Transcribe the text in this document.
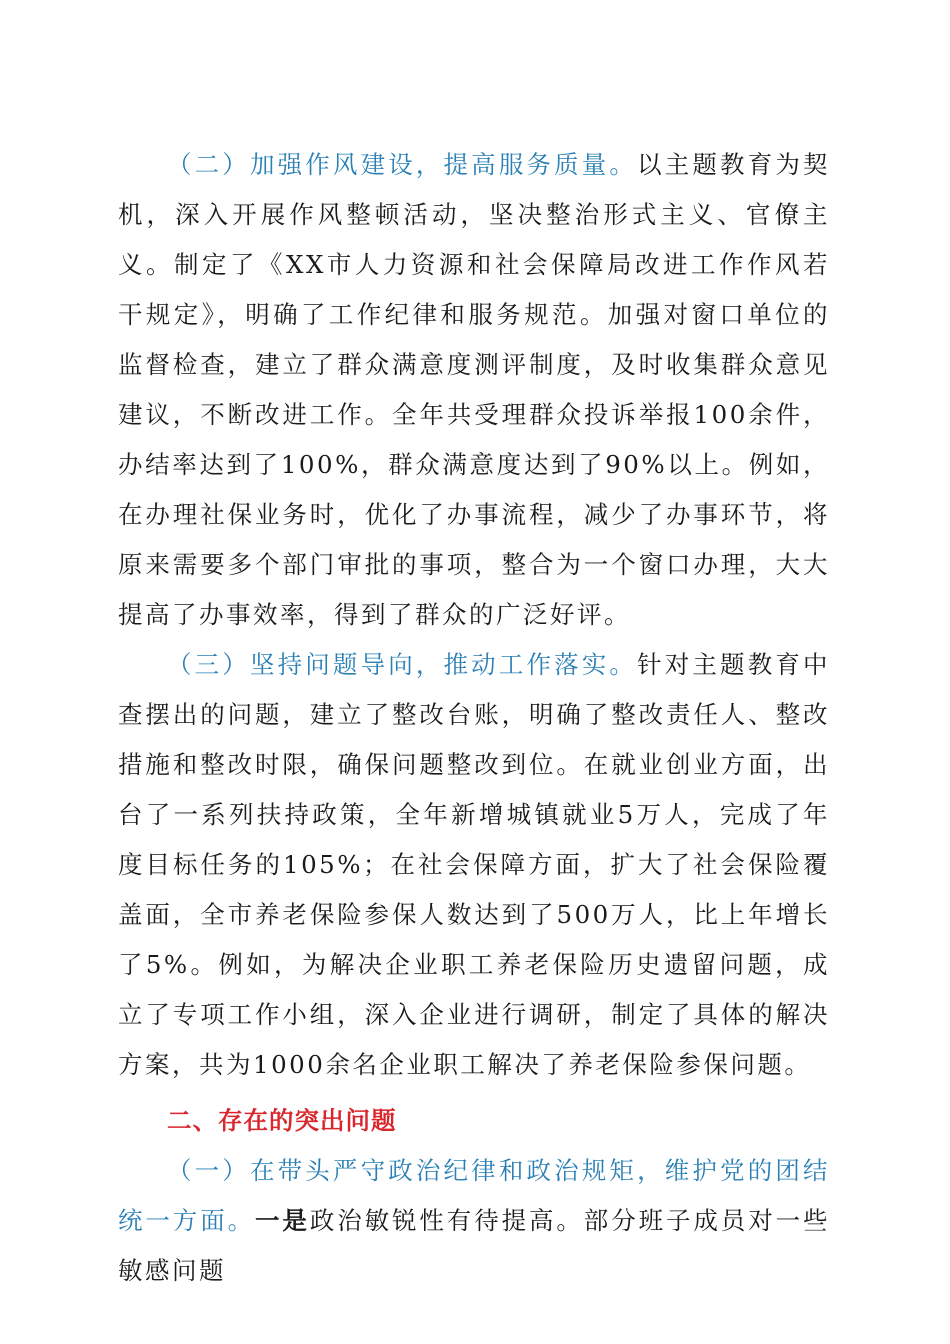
（二）加强作风建设，提高服务质量。以主题教育为契机，深入开展作风整顿活动，坚决整治形式主义、官僚主义。制定了《XX市人力资源和社会保障局改进工作作风若干规定》，明确了工作纪律和服务规范。加强对窗口单位的监督检查，建立了群众满意度测评制度，及时收集群众意见建议，不断改进工作。全年共受理群众投诉举报100余件，办结率达到了100%，群众满意度达到了90%以上。例如，在办理社保业务时，优化了办事流程，减少了办事环节，将原来需要多个部门审批的事项，整合为一个窗口办理，大大提高了办事效率，得到了群众的广泛好评。

（三）坚持问题导向，推动工作落实。针对主题教育中查摆出的问题，建立了整改台账，明确了整改责任人、整改措施和整改时限，确保问题整改到位。在就业创业方面，出台了一系列扶持政策，全年新增城镇就业5万人，完成了年度目标任务的105%；在社会保障方面，扩大了社会保险覆盖面，全市养老保险参保人数达到了500万人，比上年增长了5%。例如，为解决企业职工养老保险历史遗留问题，成立了专项工作小组，深入企业进行调研，制定了具体的解决方案，共为1000余名企业职工解决了养老保险参保问题。

二、存在的突出问题

（一）在带头严守政治纪律和政治规矩，维护党的团结统一方面。一是政治敏锐性有待提高。部分班子成员对一些敏感问题
